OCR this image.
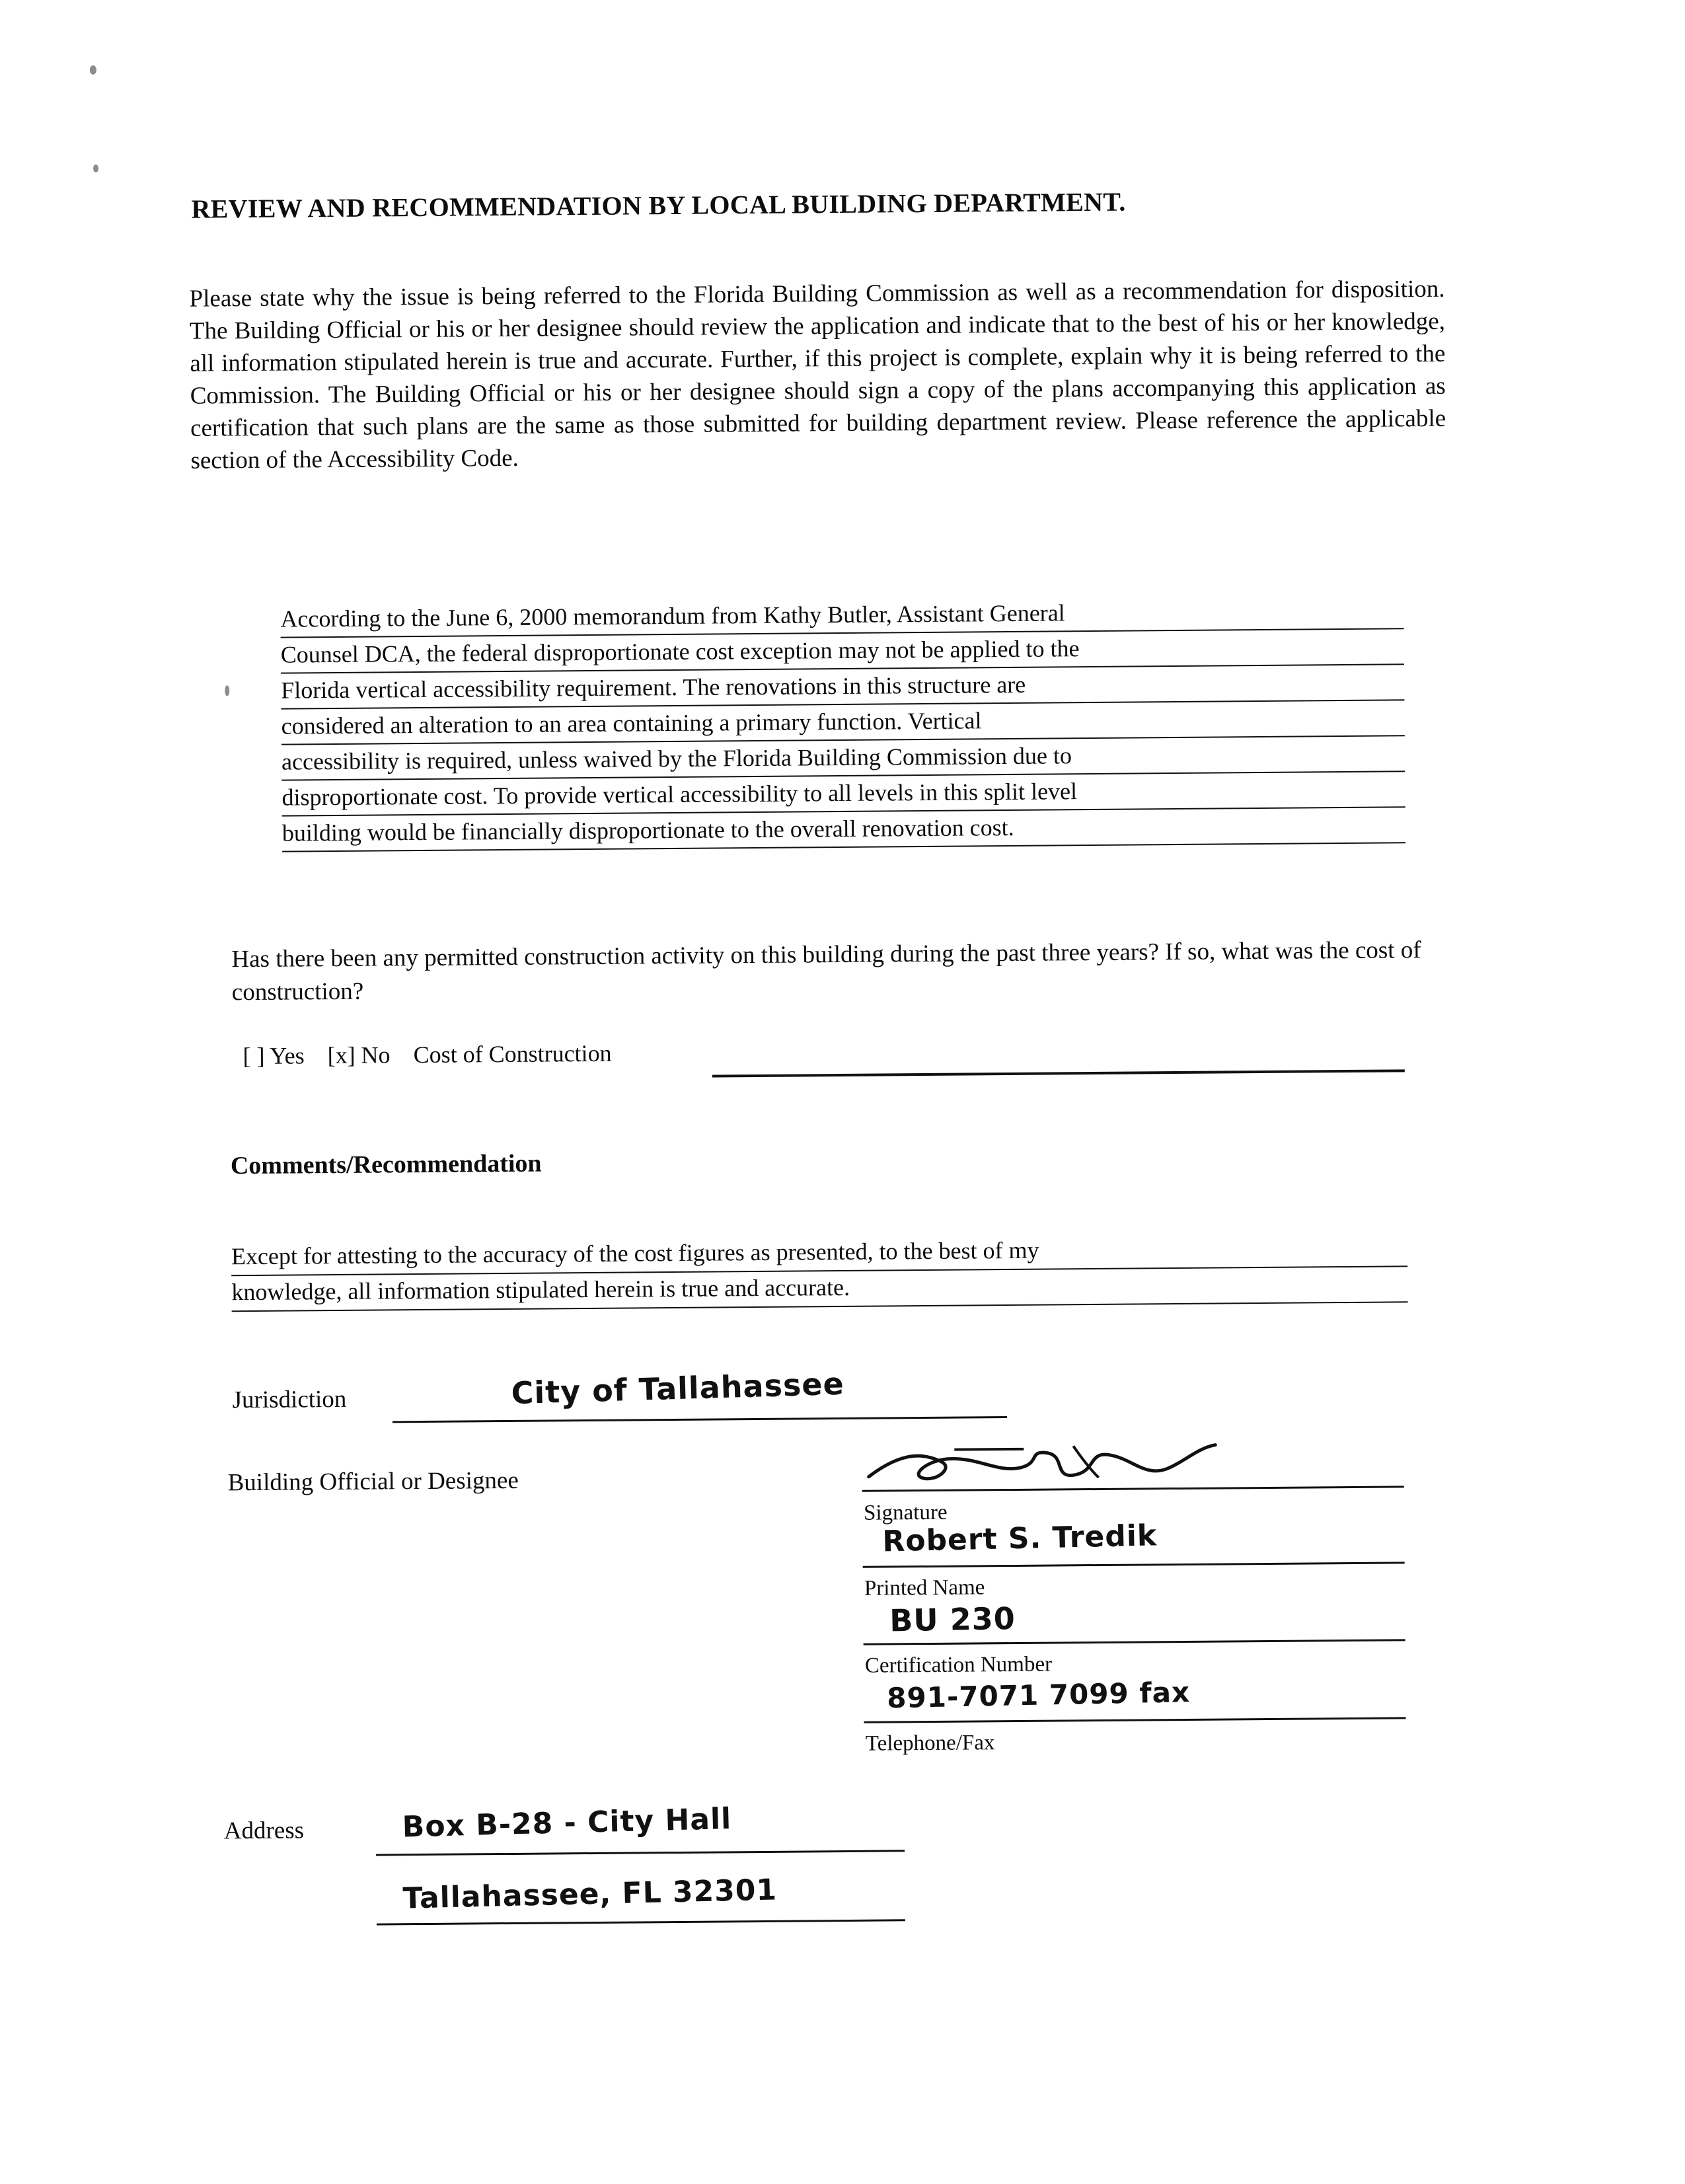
REVIEW AND RECOMMENDATION BY LOCAL BUILDING DEPARTMENT.
Please state why the issue is being referred to the Florida Building Commission as well as a recommendation for disposition. The Building Official or his or her designee should review the application and indicate that to the best of his or her knowledge, all information stipulated herein is true and accurate. Further, if this project is complete, explain why it is being referred to the Commission. The Building Official or his or her designee should sign a copy of the plans accompanying this application as certification that such plans are the same as those submitted for building department review. Please reference the applicable section of the Accessibility Code.
According to the June 6, 2000 memorandum from Kathy Butler, Assistant General
Counsel DCA, the federal disproportionate cost exception may not be applied to the
Florida vertical accessibility requirement. The renovations in this structure are
considered an alteration to an area containing a primary function. Vertical
accessibility is required, unless waived by the Florida Building Commission due to
disproportionate cost. To provide vertical accessibility to all levels in this split level
building would be financially disproportionate to the overall renovation cost.
Has there been any permitted construction activity on this building during the past three years? If so, what was the cost of construction?
[ ] Yes [x] No Cost of Construction
Comments/Recommendation
Except for attesting to the accuracy of the cost figures as presented, to the best of my
knowledge, all information stipulated herein is true and accurate.
Jurisdiction	City of Tallahassee
Building Official or Designee
Signature
Robert S. Tredik
Printed Name
BU 230
Certification Number
891-7071 7099 fax
Telephone/Fax
Address	Box B-28 - City Hall
Tallahassee, FL 32301
